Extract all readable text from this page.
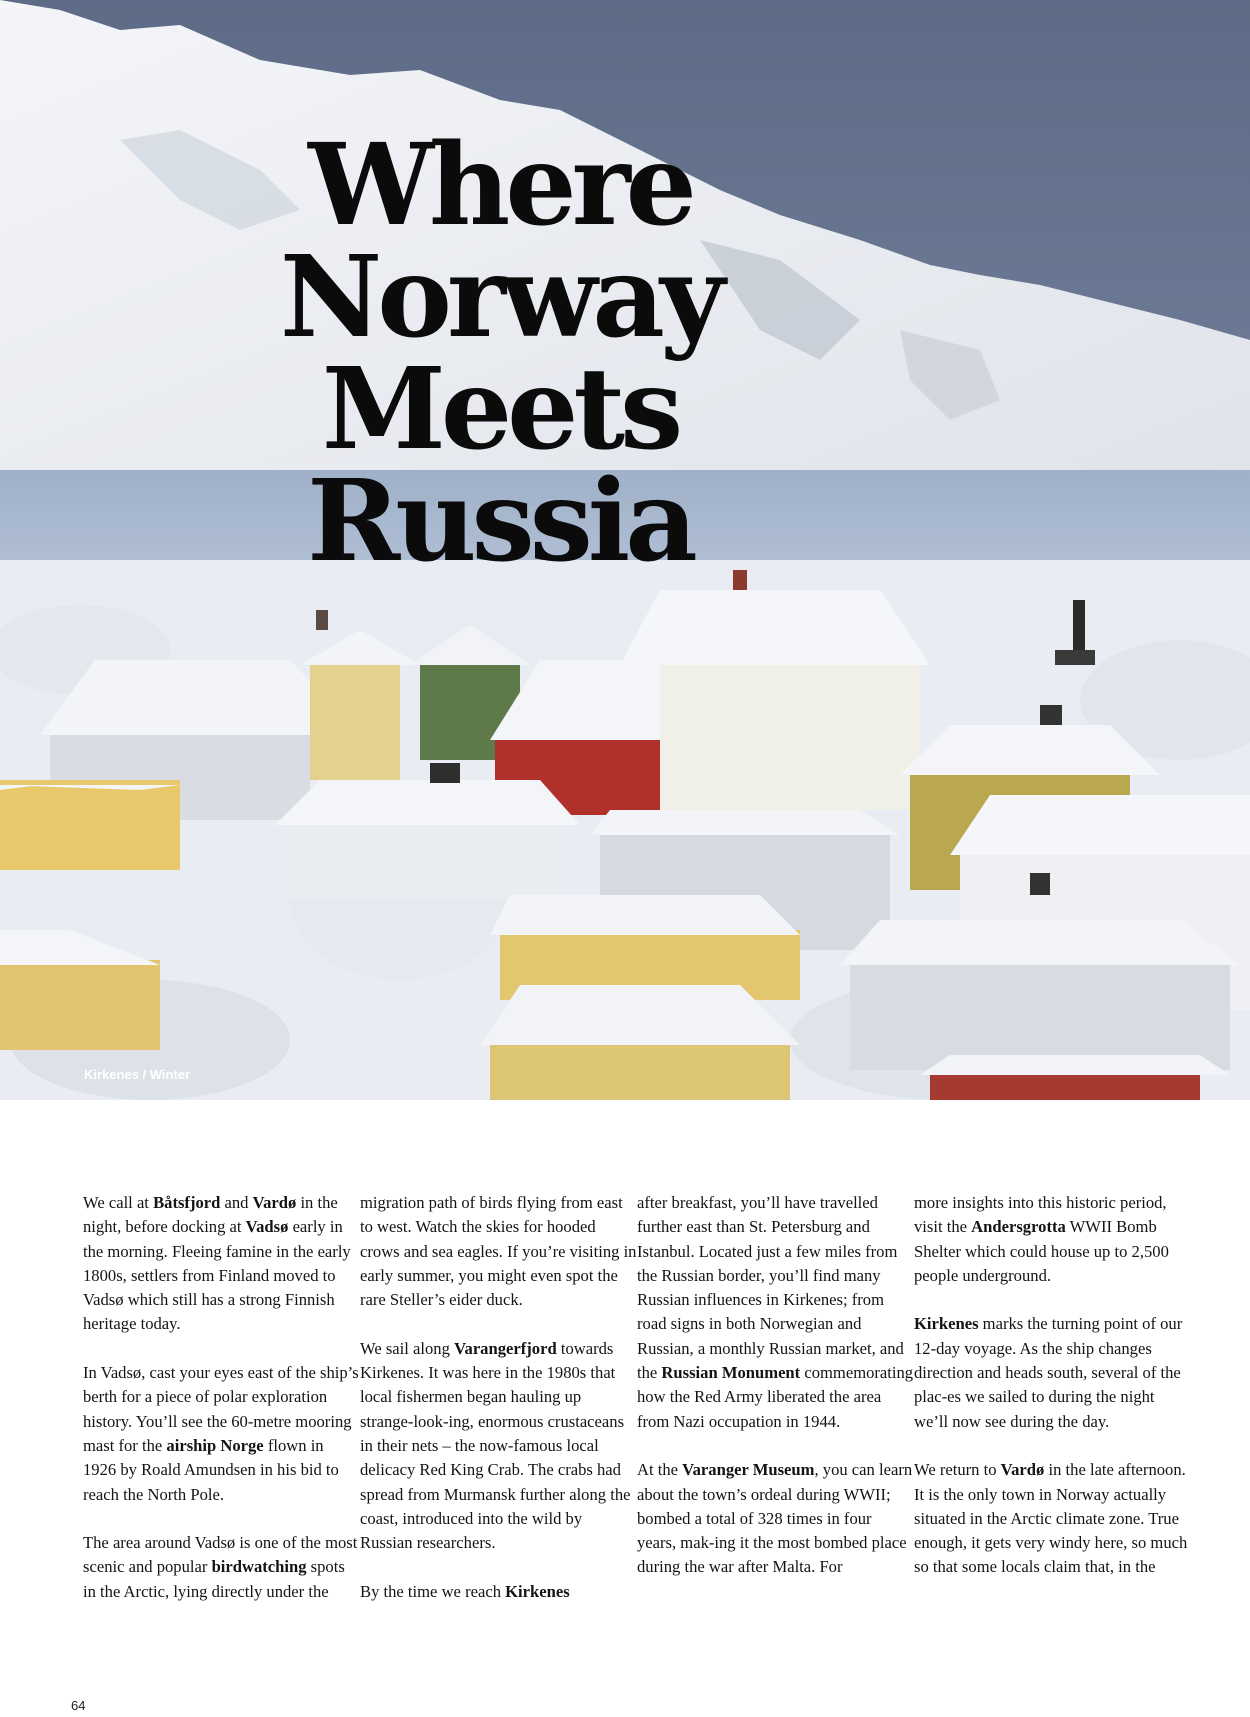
Where
Norway Meets
Russia
Kirkenes / Winter

We call at Båtsfjord and Vardø in the night, before docking at Vadsø early in the morning. Fleeing famine in the early 1800s, settlers from Finland moved to Vadsø which still has a strong Finnish heritage today.

In Vadsø, cast your eyes east of the ship’s berth for a piece of polar exploration history. You’ll see the 60-metre mooring mast for the airship Norge flown in 1926 by Roald Amundsen in his bid to reach the North Pole.

The area around Vadsø is one of the most scenic and popular birdwatching spots in the Arctic, lying directly under the

migration path of birds flying from east to west. Watch the skies for hooded crows and sea eagles. If you’re visiting in early summer, you might even spot the rare Steller’s eider duck.

We sail along Varangerfjord towards Kirkenes. It was here in the 1980s that local fishermen began hauling up strange-look-ing, enormous crustaceans in their nets – the now-famous local delicacy Red King Crab. The crabs had spread from Murmansk further along the coast, introduced into the wild by Russian researchers.

By the time we reach Kirkenes

after breakfast, you’ll have travelled further east than St. Petersburg and Istanbul. Located just a few miles from the Russian border, you’ll find many Russian influences in Kirkenes; from road signs in both Norwegian and Russian, a monthly Russian market, and the Russian Monument commemorating how the Red Army liberated the area from Nazi occupation in 1944.

At the Varanger Museum, you can learn about the town’s ordeal during WWII; bombed a total of 328 times in four years, mak-ing it the most bombed place during the war after Malta. For

more insights into this historic period, visit the Andersgrotta WWII Bomb Shelter which could house up to 2,500 people underground.

Kirkenes marks the turning point of our 12-day voyage. As the ship changes direction and heads south, several of the plac-es we sailed to during the night we’ll now see during the day.

We return to Vardø in the late afternoon. It is the only town in Norway actually situated in the Arctic climate zone. True enough, it gets very windy here, so much so that some locals claim that, in the

64
